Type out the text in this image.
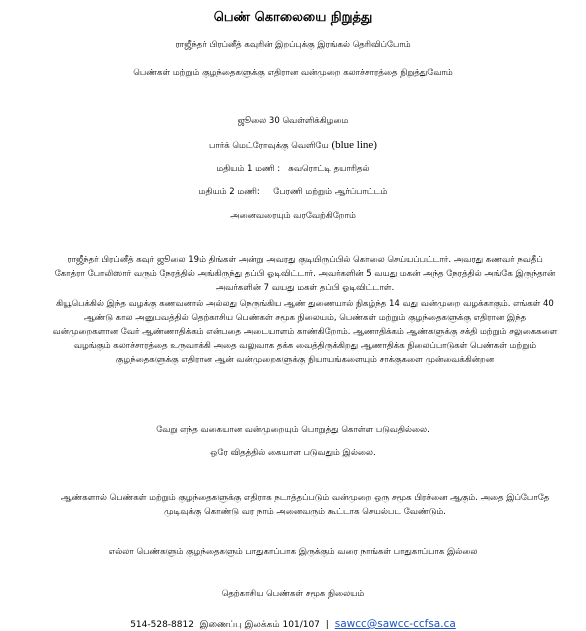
பெண் கொலையை நிறுத்து
ராஜீந்தர் பிரப்னீத் கவுரின் இறப்புக்கு இரங்கல் தெரிவிப்போம்
பெண்கள் மற்றும் குழந்தைகளுக்கு எதிரான வன்முறை கலாச்சாரத்தை நிறுத்துவோம்
ஜூலை 30 வெள்ளிக்கிழமை
பார்க் மெட்ரோவுக்கு வெளியே (blue line)
மதியம் 1 மணி : சுவரொட்டி தயாரிதல்
மதியம் 2 மணி: பேரணி மற்றும் ஆர்ப்பாட்டம்
அனைவரையும் வரவேற்கிறோம்
ராஜீந்தர் பிரப்னீத் கவுர் ஜூலை 19ம் திங்கள் அன்று அவரது குடியிருப்பில் கொலை செய்யப்பட்டார். அவரது கணவர் நவதீப் கோத்ரா போலிஸார் வரும் நேரத்தில் அங்கிருந்து தப்பி ஓடிவிட்டார். அவர்களின் 5 வயது மகன் அந்த நேரத்தில் அங்கே இருந்தான் அவர்களின் 7 வயது மகள் தப்பி ஓடிவிட்டாள்.
கியூபெக்கில் இந்த வழக்கு கணவனால் அல்லது நெருங்கிய ஆண் துணையால் நிகழ்ந்த 14 வது வன்முறை வழக்காகும். எங்கள் 40 ஆண்டு கால அனுபவத்தில் தெற்காசிய பெண்கள் சமூக நிலையம், பெண்கள் மற்றும் குழந்தைகளுக்கு எதிரான இந்த வன்முறைகளான வேர் ஆண்ணாதிக்கம் என்பதை அடையாளம் காண்கிறோம். ஆணாதிக்கம் ஆண்களுக்கு சக்தி மற்றும் சலுகைகளை வழங்கும் கலாச்சாரத்தை உருவாக்கி அதை வலுவாக தக்க வைத்திருக்கிறது ஆணாதிக்க நிலைப்பாடுகள் பெண்கள் மற்றும் குழந்தைகளுக்கு எதிரான ஆன் வன்முறைகளுக்கு நியாயங்களையும் சாக்குகளை முன்வைக்கின்றன
வேறு எந்த வகையான வன்முறையும் பொறுத்து கொள்ள படுவதில்லை.
ஒரே விதத்தில் கையாள படுவதும் இல்லை.
ஆண்களால் பெண்கள் மற்றும் குழந்தைகளுக்கு எதிராக நடாத்தப்படும் வன்முறை ஒரு சமூக பிரச்னை ஆகும். அதை இப்போதே முடிவுக்கு கொண்டு வர நாம் அனைவரும் கூட்டாக செயல்பட வேண்டும்.
எல்லா பெண்களும் குழந்தைகளும் பாதுகாப்பாக இருக்கும் வரை நாங்கள் பாதுகாப்பாக இல்லை
தெற்காசிய பெண்கள் சமூக நிலையம்
514-528-8812 இணைப்பு இலக்கம் 101/107 | sawcc@sawcc-ccfsa.ca
